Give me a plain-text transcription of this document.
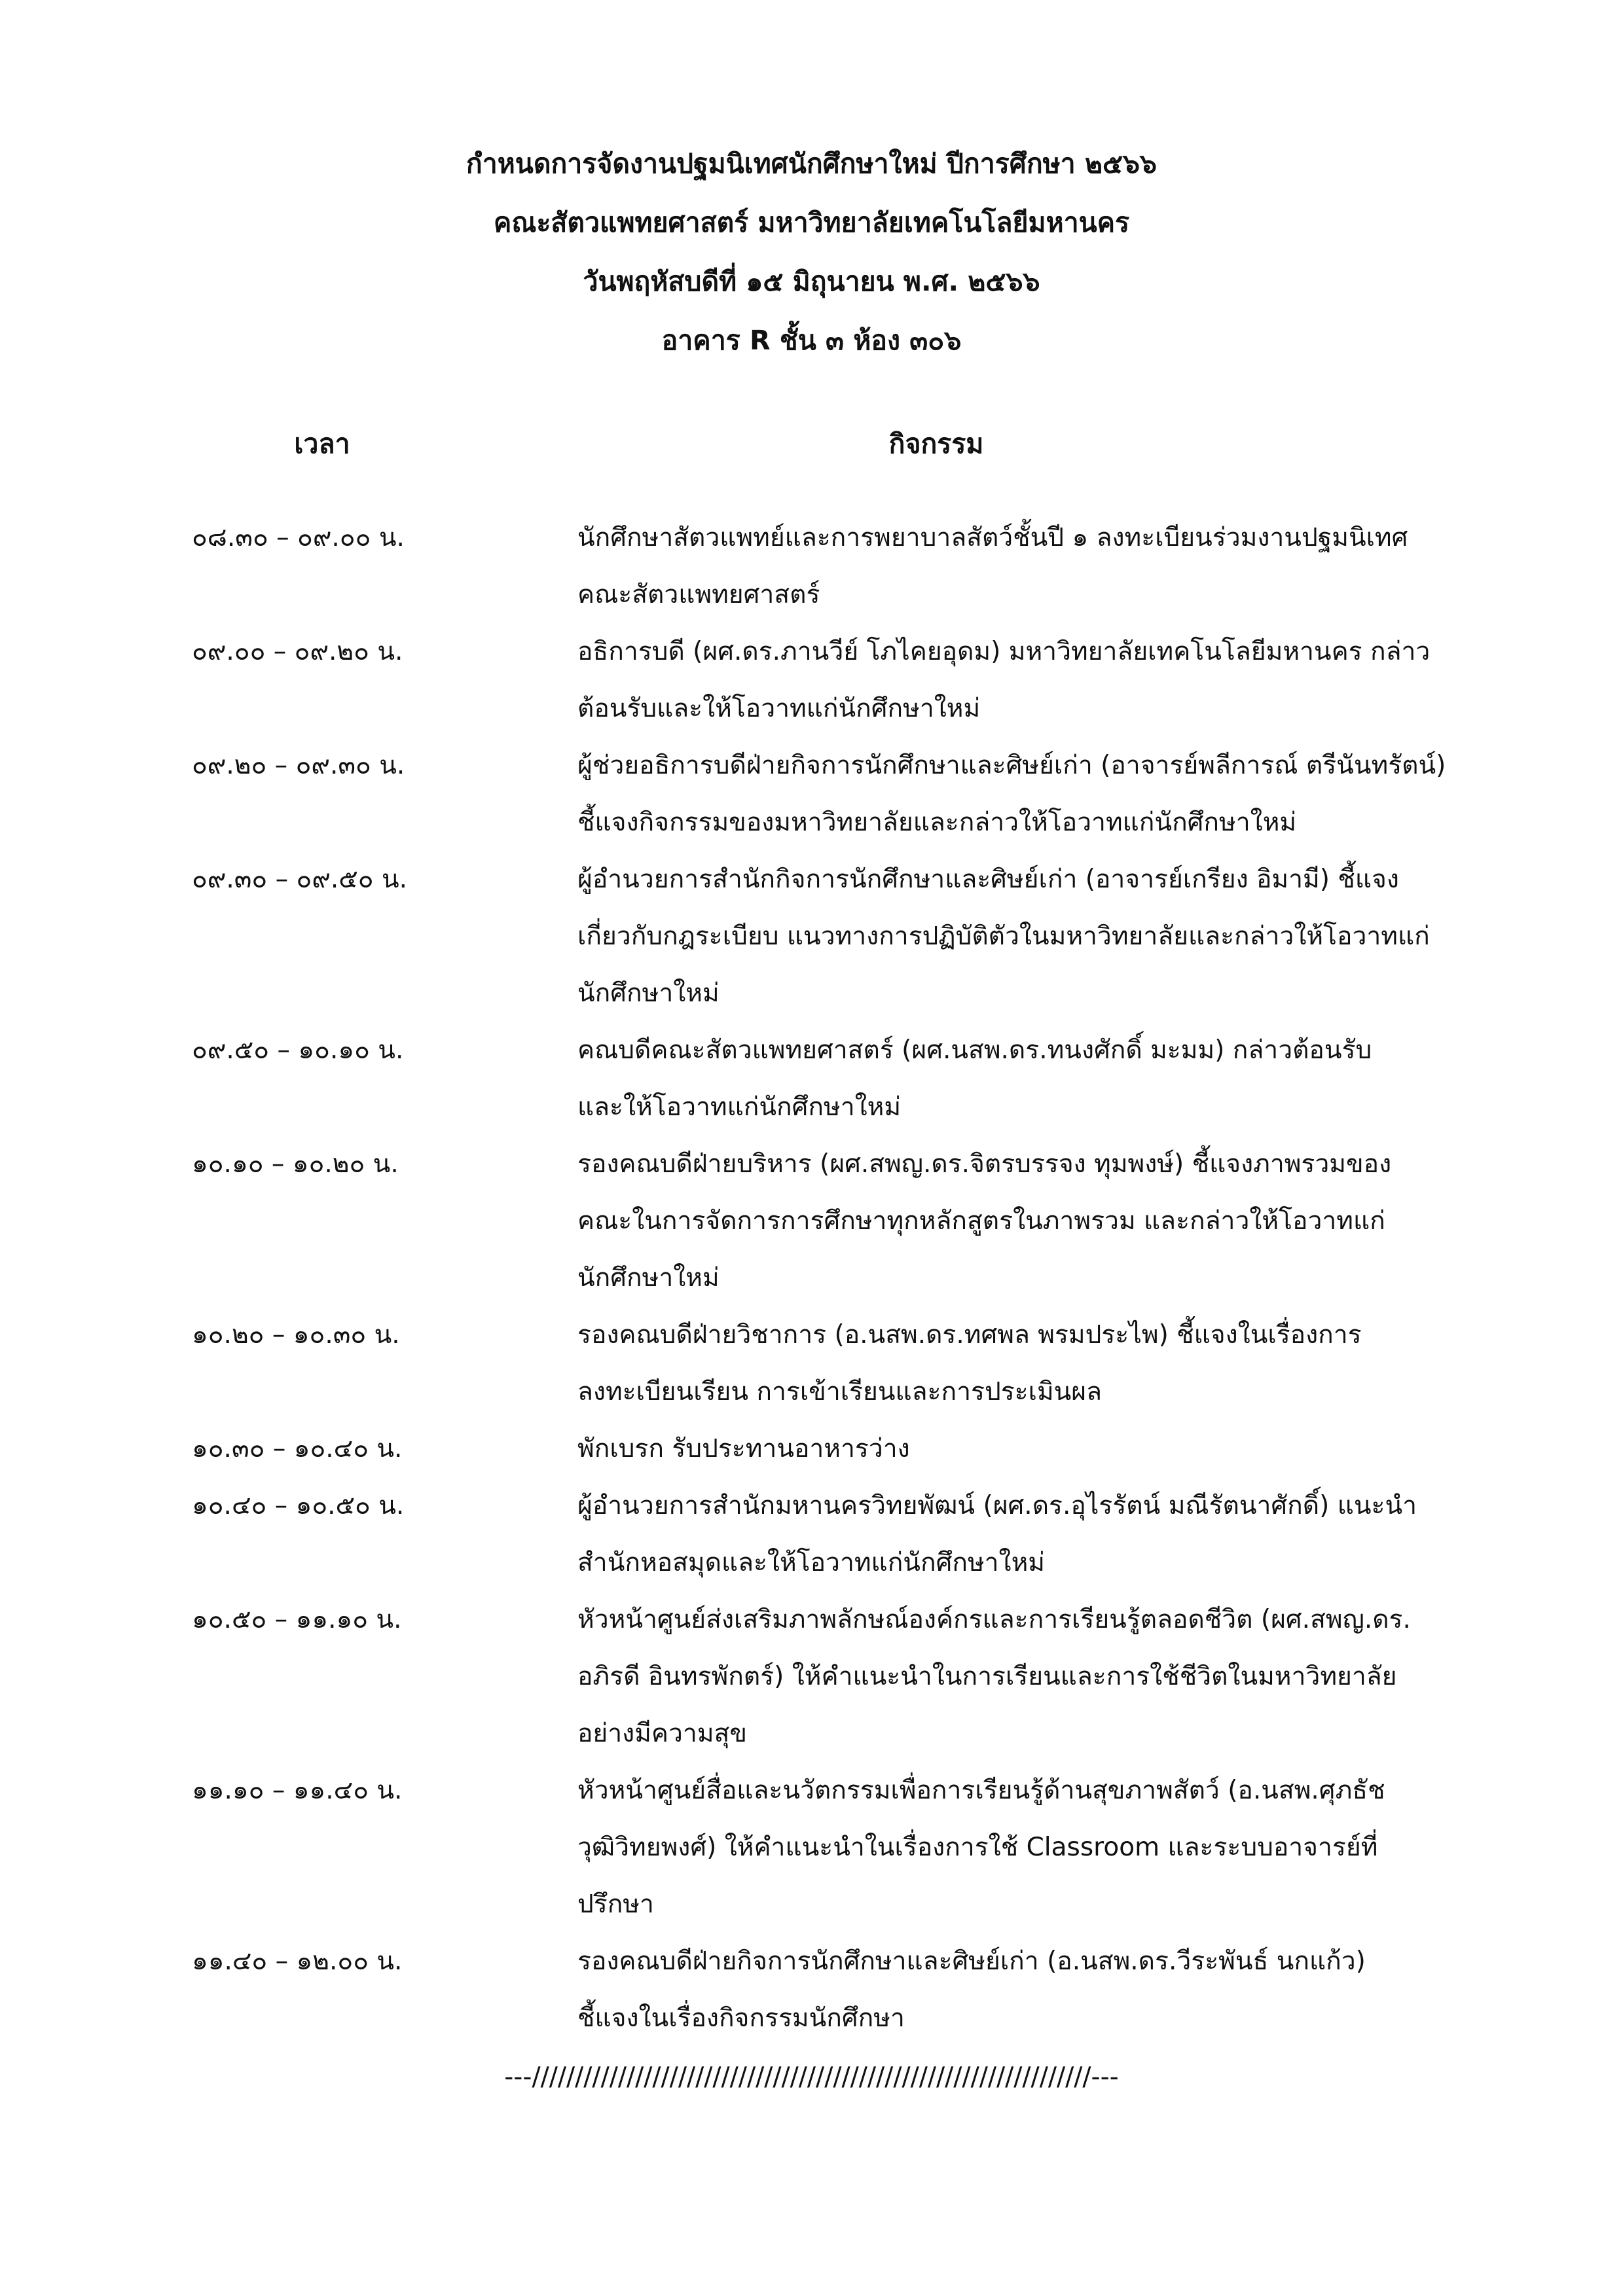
กำหนดการจัดงานปฐมนิเทศนักศึกษาใหม่ ปีการศึกษา ๒๕๖๖
คณะสัตวแพทยศาสตร์ มหาวิทยาลัยเทคโนโลยีมหานคร
วันพฤหัสบดีที่ ๑๕ มิถุนายน พ.ศ. ๒๕๖๖
อาคาร R ชั้น ๓ ห้อง ๓๐๖
เวลา	กิจกรรม
๐๘.๓๐ – ๐๙.๐๐ น.	นักศึกษาสัตวแพทย์และการพยาบาลสัตว์ชั้นปี ๑ ลงทะเบียนร่วมงานปฐมนิเทศ
คณะสัตวแพทยศาสตร์
๐๙.๐๐ – ๐๙.๒๐ น.	อธิการบดี (ผศ.ดร.ภานวีย์ โภไคยอุดม) มหาวิทยาลัยเทคโนโลยีมหานคร กล่าว
ต้อนรับและให้โอวาทแก่นักศึกษาใหม่
๐๙.๒๐ – ๐๙.๓๐ น.	ผู้ช่วยอธิการบดีฝ่ายกิจการนักศึกษาและศิษย์เก่า (อาจารย์พลีการณ์ ตรีนันทรัตน์)
ชี้แจงกิจกรรมของมหาวิทยาลัยและกล่าวให้โอวาทแก่นักศึกษาใหม่
๐๙.๓๐ – ๐๙.๕๐ น.	ผู้อำนวยการสำนักกิจการนักศึกษาและศิษย์เก่า (อาจารย์เกรียง อิมามี) ชี้แจง
เกี่ยวกับกฎระเบียบ แนวทางการปฏิบัติตัวในมหาวิทยาลัยและกล่าวให้โอวาทแก่
นักศึกษาใหม่
๐๙.๕๐ – ๑๐.๑๐ น.	คณบดีคณะสัตวแพทยศาสตร์ (ผศ.นสพ.ดร.ทนงศักดิ์ มะมม) กล่าวต้อนรับ
และให้โอวาทแก่นักศึกษาใหม่
๑๐.๑๐ – ๑๐.๒๐ น.	รองคณบดีฝ่ายบริหาร (ผศ.สพญ.ดร.จิตรบรรจง ทุมพงษ์) ชี้แจงภาพรวมของ
คณะในการจัดการการศึกษาทุกหลักสูตรในภาพรวม และกล่าวให้โอวาทแก่
นักศึกษาใหม่
๑๐.๒๐ – ๑๐.๓๐ น.	รองคณบดีฝ่ายวิชาการ (อ.นสพ.ดร.ทศพล พรมประไพ) ชี้แจงในเรื่องการ
ลงทะเบียนเรียน การเข้าเรียนและการประเมินผล
๑๐.๓๐ – ๑๐.๔๐ น.	พักเบรก รับประทานอาหารว่าง
๑๐.๔๐ – ๑๐.๕๐ น.	ผู้อำนวยการสำนักมหานครวิทยพัฒน์ (ผศ.ดร.อุไรรัตน์ มณีรัตนาศักดิ์) แนะนำ
สำนักหอสมุดและให้โอวาทแก่นักศึกษาใหม่
๑๐.๕๐ – ๑๑.๑๐ น.	หัวหน้าศูนย์ส่งเสริมภาพลักษณ์องค์กรและการเรียนรู้ตลอดชีวิต (ผศ.สพญ.ดร.
อภิรดี อินทรพักตร์) ให้คำแนะนำในการเรียนและการใช้ชีวิตในมหาวิทยาลัย
อย่างมีความสุข
๑๑.๑๐ – ๑๑.๔๐ น.	หัวหน้าศูนย์สื่อและนวัตกรรมเพื่อการเรียนรู้ด้านสุขภาพสัตว์ (อ.นสพ.ศุภธัช
วุฒิวิทยพงศ์) ให้คำแนะนำในเรื่องการใช้ Classroom และระบบอาจารย์ที่
ปรึกษา
๑๑.๔๐ – ๑๒.๐๐ น.	รองคณบดีฝ่ายกิจการนักศึกษาและศิษย์เก่า (อ.นสพ.ดร.วีระพันธ์ นกแก้ว)
ชี้แจงในเรื่องกิจกรรมนักศึกษา
---/////////////////////////////////////////////////////////////////---
